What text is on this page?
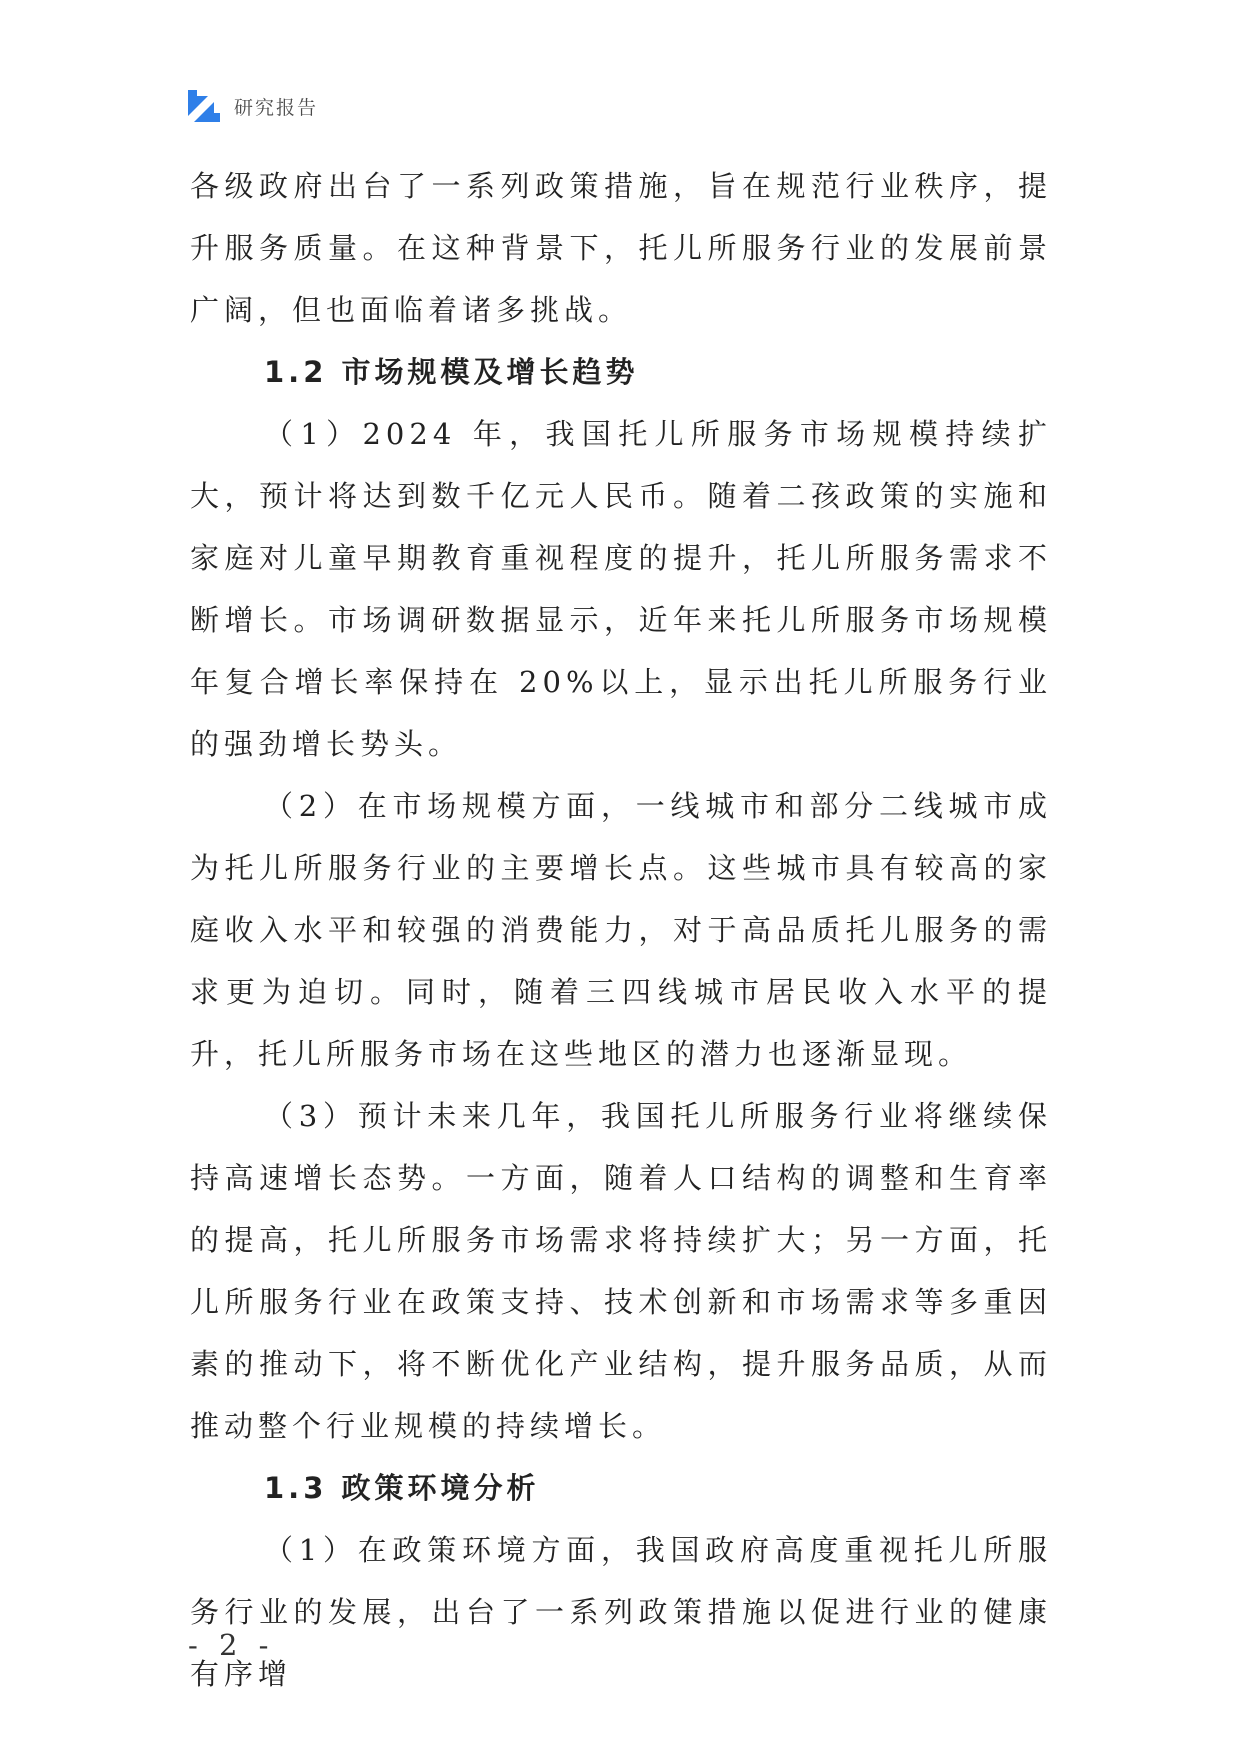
研究报告

各级政府出台了一系列政策措施，旨在规范行业秩序，提升服务质量。在这种背景下，托儿所服务行业的发展前景广阔，但也面临着诸多挑战。

1.2 市场规模及增长趋势

（1）2024 年，我国托儿所服务市场规模持续扩大，预计将达到数千亿元人民币。随着二孩政策的实施和家庭对儿童早期教育重视程度的提升，托儿所服务需求不断增长。市场调研数据显示，近年来托儿所服务市场规模年复合增长率保持在 20%以上，显示出托儿所服务行业的强劲增长势头。

（2）在市场规模方面，一线城市和部分二线城市成为托儿所服务行业的主要增长点。这些城市具有较高的家庭收入水平和较强的消费能力，对于高品质托儿服务的需求更为迫切。同时，随着三四线城市居民收入水平的提升，托儿所服务市场在这些地区的潜力也逐渐显现。

（3）预计未来几年，我国托儿所服务行业将继续保持高速增长态势。一方面，随着人口结构的调整和生育率的提高，托儿所服务市场需求将持续扩大；另一方面，托儿所服务行业在政策支持、技术创新和市场需求等多重因素的推动下，将不断优化产业结构，提升服务品质，从而推动整个行业规模的持续增长。

1.3 政策环境分析

（1）在政策环境方面，我国政府高度重视托儿所服务行业的发展，出台了一系列政策措施以促进行业的健康有序增

- 2 -
